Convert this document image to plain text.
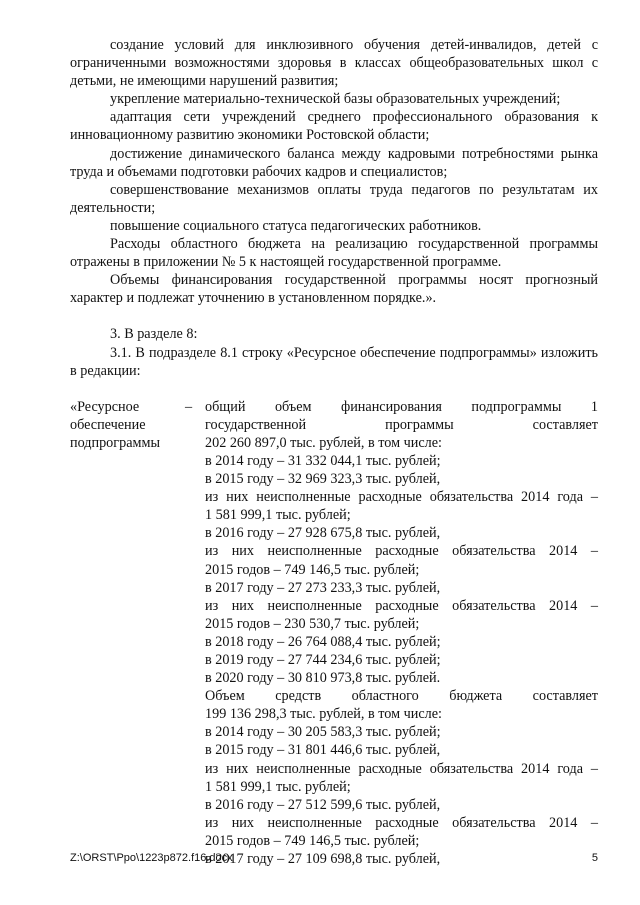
создание условий для инклюзивного обучения детей-инвалидов, детей с ограниченными возможностями здоровья в классах общеобразовательных школ с детьми, не имеющими нарушений развития;

укрепление материально-технической базы образовательных учреждений;

адаптация сети учреждений среднего профессионального образования к инновационному развитию экономики Ростовской области;

достижение динамического баланса между кадровыми потребностями рынка труда и объемами подготовки рабочих кадров и специалистов;

совершенствование механизмов оплаты труда педагогов по результатам их деятельности;

повышение социального статуса педагогических работников.

Расходы областного бюджета на реализацию государственной программы отражены в приложении № 5 к настоящей государственной программе.

Объемы финансирования государственной программы носят прогнозный характер и подлежат уточнению в установленном порядке.».

3. В разделе 8:

3.1. В подразделе 8.1 строку «Ресурсное обеспечение подпрограммы» изложить в редакции:

«Ресурсное
обеспечение
подпрограммы
– общий объем финансирования подпрограммы 1 государственной программы составляет

202 260 897,0 тыс. рублей, в том числе:

в 2014 году – 31 332 044,1 тыс. рублей;

в 2015 году – 32 969 323,3 тыс. рублей,

из них неисполненные расходные обязательства 2014 года –

1 581 999,1 тыс. рублей;

в 2016 году – 27 928 675,8 тыс. рублей,

из них неисполненные расходные обязательства 2014 –

2015 годов – 749 146,5 тыс. рублей;

в 2017 году – 27 273 233,3 тыс. рублей,

из них неисполненные расходные обязательства 2014 –

2015 годов – 230 530,7 тыс. рублей;

в 2018 году – 26 764 088,4 тыс. рублей;

в 2019 году – 27 744 234,6 тыс. рублей;

в 2020 году – 30 810 973,8 тыс. рублей.

Объем средств областного бюджета составляет

199 136 298,3 тыс. рублей, в том числе:

в 2014 году – 30 205 583,3 тыс. рублей;

в 2015 году – 31 801 446,6 тыс. рублей,

из них неисполненные расходные обязательства 2014 года –

1 581 999,1 тыс. рублей;

в 2016 году – 27 512 599,6 тыс. рублей,

из них неисполненные расходные обязательства 2014 –

2015 годов – 749 146,5 тыс. рублей;

в 2017 году – 27 109 698,8 тыс. рублей,

Z:\ORST\Ppo\1223p872.f16.docx	5
